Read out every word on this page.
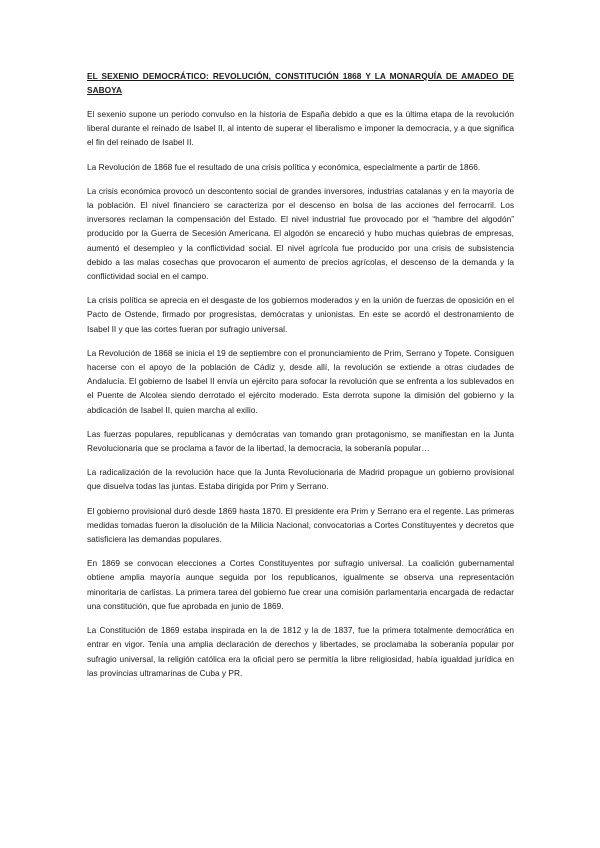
EL SEXENIO DEMOCRÁTICO: REVOLUCIÓN, CONSTITUCIÓN 1868 Y LA MONARQUÍA DE AMADEO DE SABOYA

El sexenio supone un periodo convulso en la historia de España debido a que es la última etapa de la revolución liberal durante el reinado de Isabel II, al intento de superar el liberalismo e imponer la democracia, y a que significa el fin del reinado de Isabel II.

La Revolución de 1868 fue el resultado de una crisis política y económica, especialmente a partir de 1866.

La crisis económica provocó un descontento social de grandes inversores, industrias catalanas y en la mayoría de la población. El nivel financiero se caracteriza por el descenso en bolsa de las acciones del ferrocarril. Los inversores reclaman la compensación del Estado. El nivel industrial fue provocado por el “hambre del algodón” producido por la Guerra de Secesión Americana. El algodón se encareció y hubo muchas quiebras de empresas, aumentó el desempleo y la conflictividad social. El nivel agrícola fue producido por una crisis de subsistencia debido a las malas cosechas que provocaron el aumento de precios agrícolas, el descenso de la demanda y la conflictividad social en el campo.

La crisis política se aprecia en el desgaste de los gobiernos moderados y en la unión de fuerzas de oposición en el Pacto de Ostende, firmado por progresistas, demócratas y unionistas. En este se acordó el destronamiento de Isabel II y que las cortes fueran por sufragio universal.

La Revolución de 1868 se inicia el 19 de septiembre con el pronunciamiento de Prim, Serrano y Topete. Consiguen hacerse con el apoyo de la población de Cádiz y, desde allí, la revolución se extiende a otras ciudades de Andalucía. El gobierno de Isabel II envía un ejército para sofocar la revolución que se enfrenta a los sublevados en el Puente de Alcolea siendo derrotado el ejército moderado. Esta derrota supone la dimisión del gobierno y la abdicación de Isabel II, quien marcha al exilio.

Las fuerzas populares, republicanas y demócratas van tomando gran protagonismo, se manifiestan en la Junta Revolucionaria que se proclama a favor de la libertad, la democracia, la soberanía popular…

La radicalización de la revolución hace que la Junta Revolucionaria de Madrid propague un gobierno provisional que disuelva todas las juntas. Estaba dirigida por Prim y Serrano.

El gobierno provisional duró desde 1869 hasta 1870. El presidente era Prim y Serrano era el regente. Las primeras medidas tomadas fueron la disolución de la Milicia Nacional, convocatorias a Cortes Constituyentes y decretos que satisficiera las demandas populares.

En 1869 se convocan elecciones a Cortes Constituyentes por sufragio universal. La coalición gubernamental obtiene amplia mayoría aunque seguida por los republicanos, igualmente se observa una representación minoritaria de carlistas. La primera tarea del gobierno fue crear una comisión parlamentaria encargada de redactar una constitución, que fue aprobada en junio de 1869.

La Constitución de 1869 estaba inspirada en la de 1812 y la de 1837, fue la primera totalmente democrática en entrar en vigor. Tenía una amplia declaración de derechos y libertades, se proclamaba la soberanía popular por sufragio universal, la religión católica era la oficial pero se permitía la libre religiosidad, había igualdad jurídica en las provincias ultramarinas de Cuba y PR.
